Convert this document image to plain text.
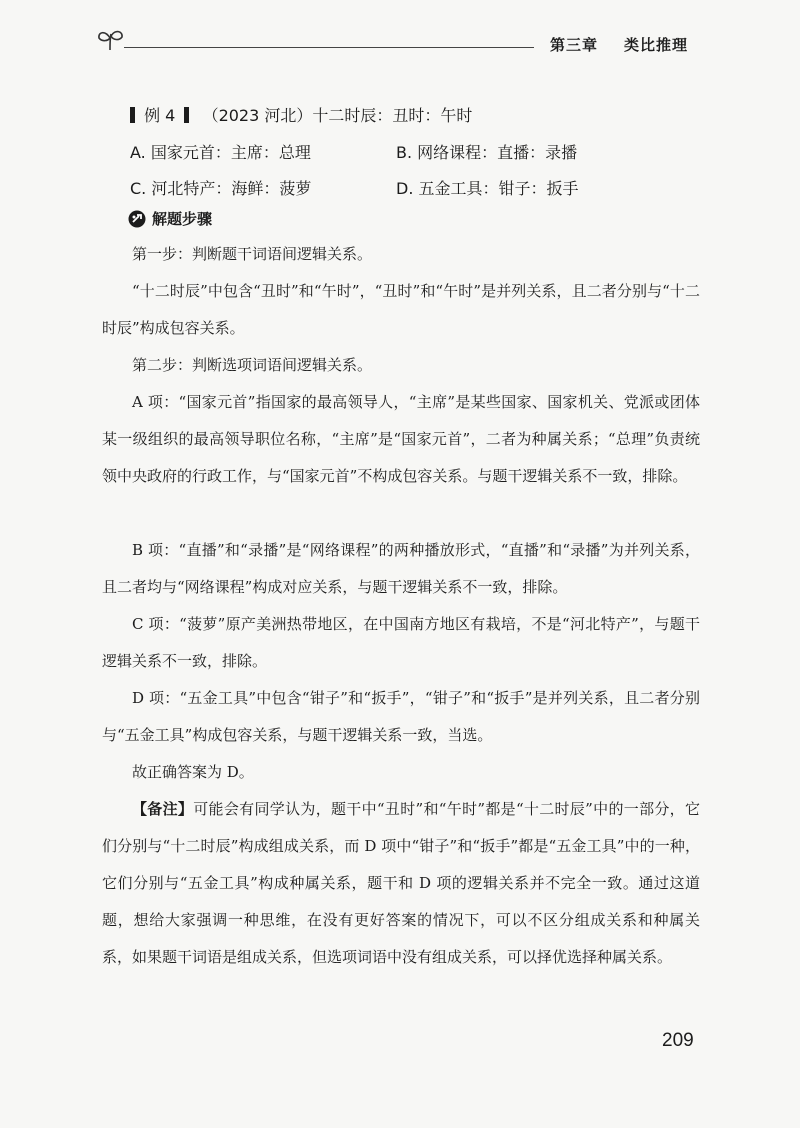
第三章 类比推理
例 4 （2023 河北）十二时辰：丑时：午时
A. 国家元首：主席：总理	B. 网络课程：直播：录播
C. 河北特产：海鲜：菠萝	D. 五金工具：钳子：扳手
解题步骤

第一步：判断题干词语间逻辑关系。

“十二时辰”中包含“丑时”和“午时”，“丑时”和“午时”是并列关系，且二者分别与“十二时辰”构成包容关系。

第二步：判断选项词语间逻辑关系。

A 项：“国家元首”指国家的最高领导人，“主席”是某些国家、国家机关、党派或团体某一级组织的最高领导职位名称，“主席”是“国家元首”，二者为种属关系；“总理”负责统领中央政府的行政工作，与“国家元首”不构成包容关系。与题干逻辑关系不一致，排除。

B 项：“直播”和“录播”是“网络课程”的两种播放形式，“直播”和“录播”为并列关系，且二者均与“网络课程”构成对应关系，与题干逻辑关系不一致，排除。

C 项：“菠萝”原产美洲热带地区，在中国南方地区有栽培，不是“河北特产”，与题干逻辑关系不一致，排除。

D 项：“五金工具”中包含“钳子”和“扳手”，“钳子”和“扳手”是并列关系，且二者分别与“五金工具”构成包容关系，与题干逻辑关系一致，当选。

故正确答案为 D。

【备注】可能会有同学认为，题干中“丑时”和“午时”都是“十二时辰”中的一部分，它们分别与“十二时辰”构成组成关系，而 D 项中“钳子”和“扳手”都是“五金工具”中的一种，它们分别与“五金工具”构成种属关系，题干和 D 项的逻辑关系并不完全一致。通过这道题，想给大家强调一种思维，在没有更好答案的情况下，可以不区分组成关系和种属关系，如果题干词语是组成关系，但选项词语中没有组成关系，可以择优选择种属关系。

209
